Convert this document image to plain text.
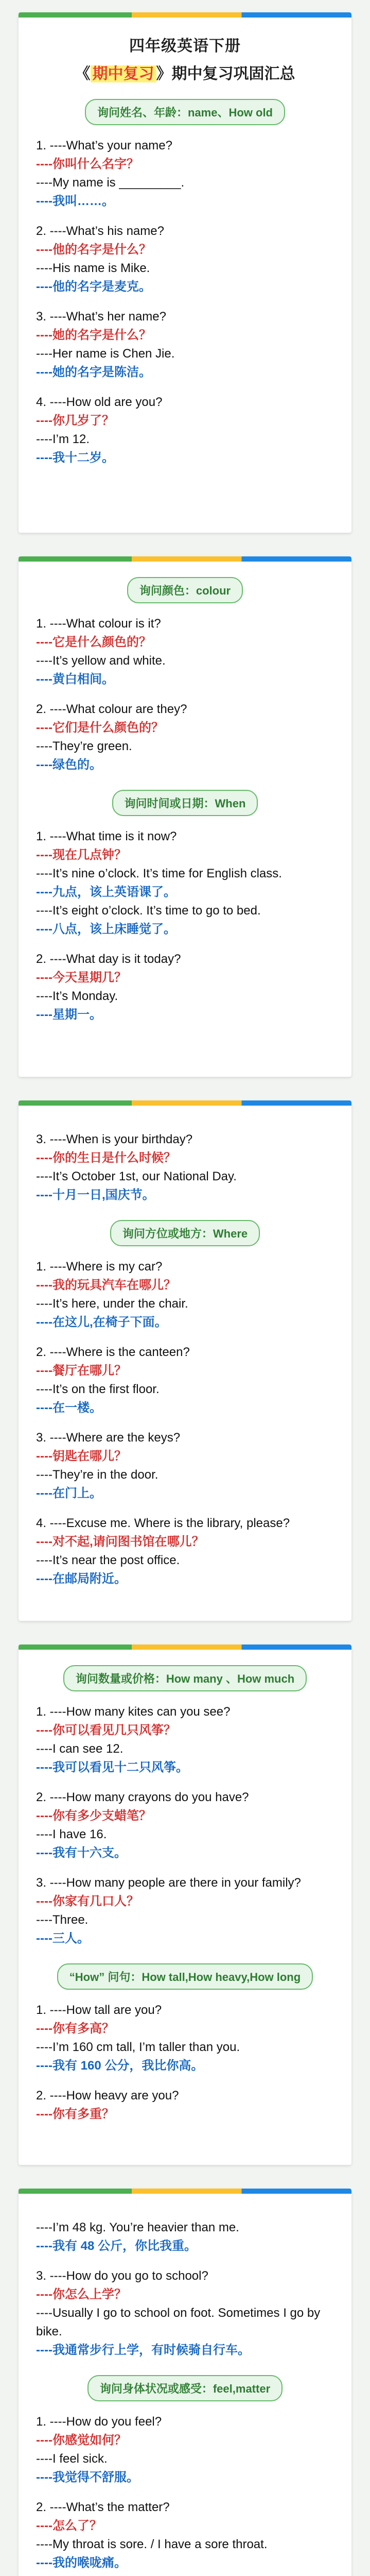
四年级英语下册
《 期中复习 》期中复习巩固汇总
询问姓名、年龄：name、How old
1. ----What’s your name?
----你叫什么名字？
----My name is _________.
----我叫……。
2. ----What’s his name?
----他的名字是什么？
----His name is Mike.
----他的名字是麦克。
3. ----What’s her name?
----她的名字是什么？
----Her name is Chen Jie.
----她的名字是陈洁。
4. ----How old are you?
----你几岁了？
----I’m 12.
----我十二岁。
询问颜色：colour
1. ----What colour is it?
----它是什么颜色的？
----It’s yellow and white.
----黄白相间。
2. ----What colour are they?
----它们是什么颜色的？
----They’re green.
----绿色的。
询问时间或日期：When
1. ----What time is it now?
----现在几点钟？
----It’s nine o’clock. It’s time for English class.
----九点，该上英语课了。
----It’s eight o’clock. It’s time to go to bed.
----八点，该上床睡觉了。
2. ----What day is it today?
----今天星期几？
----It’s Monday.
----星期一。
3. ----When is your birthday?
----你的生日是什么时候？
----It’s October 1st, our National Day.
----十月一日,国庆节。
询问方位或地方：Where
1. ----Where is my car?
----我的玩具汽车在哪儿？
----It’s here, under the chair.
----在这儿,在椅子下面。
2. ----Where is the canteen?
----餐厅在哪儿？
----It’s on the first floor.
----在一楼。
3. ----Where are the keys?
----钥匙在哪儿？
----They’re in the door.
----在门上。
4. ----Excuse me. Where is the library, please?
----对不起,请问图书馆在哪儿？
----It’s near the post office.
----在邮局附近。
询问数量或价格：How many 、How much
1. ----How many kites can you see?
----你可以看见几只风筝？
----I can see 12.
----我可以看见十二只风筝。
2. ----How many crayons do you have?
----你有多少支蜡笔？
----I have 16.
----我有十六支。
3. ----How many people are there in your family?
----你家有几口人？
----Three.
----三人。
“How” 问句：How tall,How heavy,How long
1. ----How tall are you?
----你有多高？
----I’m 160 cm tall, I’m taller than you.
----我有 160 公分，我比你高。
2. ----How heavy are you?
----你有多重？
----I’m 48 kg. You’re heavier than me.
----我有 48 公斤，你比我重。
3. ----How do you go to school?
----你怎么上学？
----Usually I go to school on foot. Sometimes I go by bike.
----我通常步行上学，有时候骑自行车。
询问身体状况或感受：feel,matter
1. ----How do you feel?
----你感觉如何？
----I feel sick.
----我觉得不舒服。
2. ----What’s the matter?
----怎么了？
----My throat is sore. / I have a sore throat.
----我的喉咙痛。
